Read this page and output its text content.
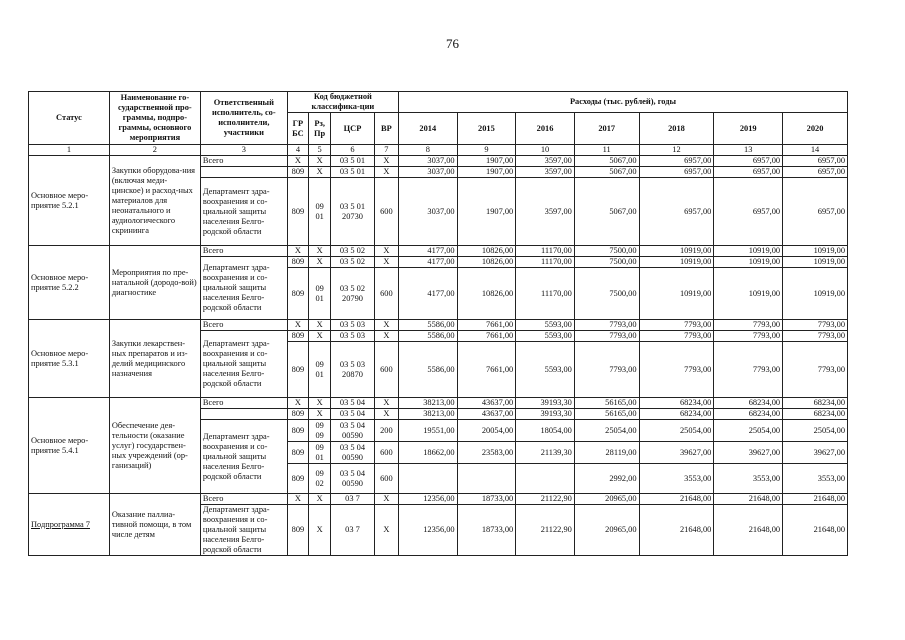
76
Статус	Наименование го-сударственной про-граммы, подпро-граммы, основного мероприятия	Ответственный исполнитель, со-исполнители, участники	Код бюджетной классифика-ции				Расходы (тыс. рублей), годы						
			ГР БС	Рз, Пр	ЦСР	ВР	2014	2015	2016	2017	2018	2019	2020
1	2	3	4	5	6	7	8	9	10	11	12	13	14
Основное меро-приятие 5.2.1	Закупки оборудова-ния (включая меди-цинское) и расход-ных материалов для неонатального и аудиологического скрининга	Всего	X	X	03 5 01	X	3037,00	1907,00	3597,00	5067,00	6957,00	6957,00	6957,00
			809	X	03 5 01	X	3037,00	1907,00	3597,00	5067,00	6957,00	6957,00	6957,00
		Департамент здра-воохранения и со-циальной защиты населения Белго-родской области	809	09 01	03 5 01 20730	600	3037,00	1907,00	3597,00	5067,00	6957,00	6957,00	6957,00
Основное меро-приятие 5.2.2	Мероприятия по пре-натальной (дородо-вой) диагностике	Всего	X	X	03 5 02	X	4177,00	10826,00	11170,00	7500,00	10919,00	10919,00	10919,00
		Департамент здра-воохранения и со-циальной защиты населения Белго-родской области	809	X	03 5 02	X	4177,00	10826,00	11170,00	7500,00	10919,00	10919,00	10919,00
			809	09 01	03 5 02 20790	600	4177,00	10826,00	11170,00	7500,00	10919,00	10919,00	10919,00
Основное меро-приятие 5.3.1	Закупки лекарствен-ных препаратов и из-делий медицинского назначения	Всего	X	X	03 5 03	X	5586,00	7661,00	5593,00	7793,00	7793,00	7793,00	7793,00
		Департамент здра-воохранения и со-циальной защиты населения Белго-родской области	809	X	03 5 03	X	5586,00	7661,00	5593,00	7793,00	7793,00	7793,00	7793,00
			809	09 01	03 5 03 20870	600	5586,00	7661,00	5593,00	7793,00	7793,00	7793,00	7793,00
Основное меро-приятие 5.4.1	Обеспечение дея-тельности (оказание услуг) государствен-ных учреждений (ор-ганизаций)	Всего	X	X	03 5 04	X	38213,00	43637,00	39193,30	56165,00	68234,00	68234,00	68234,00
			809	X	03 5 04	X	38213,00	43637,00	39193,30	56165,00	68234,00	68234,00	68234,00
		Департамент здра-воохранения и со-циальной защиты населения Белго-родской области	809	09 09	03 5 04 00590	200	19551,00	20054,00	18054,00	25054,00	25054,00	25054,00	25054,00
			809	09 01	03 5 04 00590	600	18662,00	23583,00	21139,30	28119,00	39627,00	39627,00	39627,00
			809	09 02	03 5 04 00590	600				2992,00	3553,00	3553,00	3553,00
Подпрограмма 7	Оказание паллиа-тивной помощи, в том числе детям	Всего	X	X	03 7	X	12356,00	18733,00	21122,90	20965,00	21648,00	21648,00	21648,00
		Департамент здра-воохранения и со-циальной защиты населения Белго-родской области	809	X	03 7	X	12356,00	18733,00	21122,90	20965,00	21648,00	21648,00	21648,00
